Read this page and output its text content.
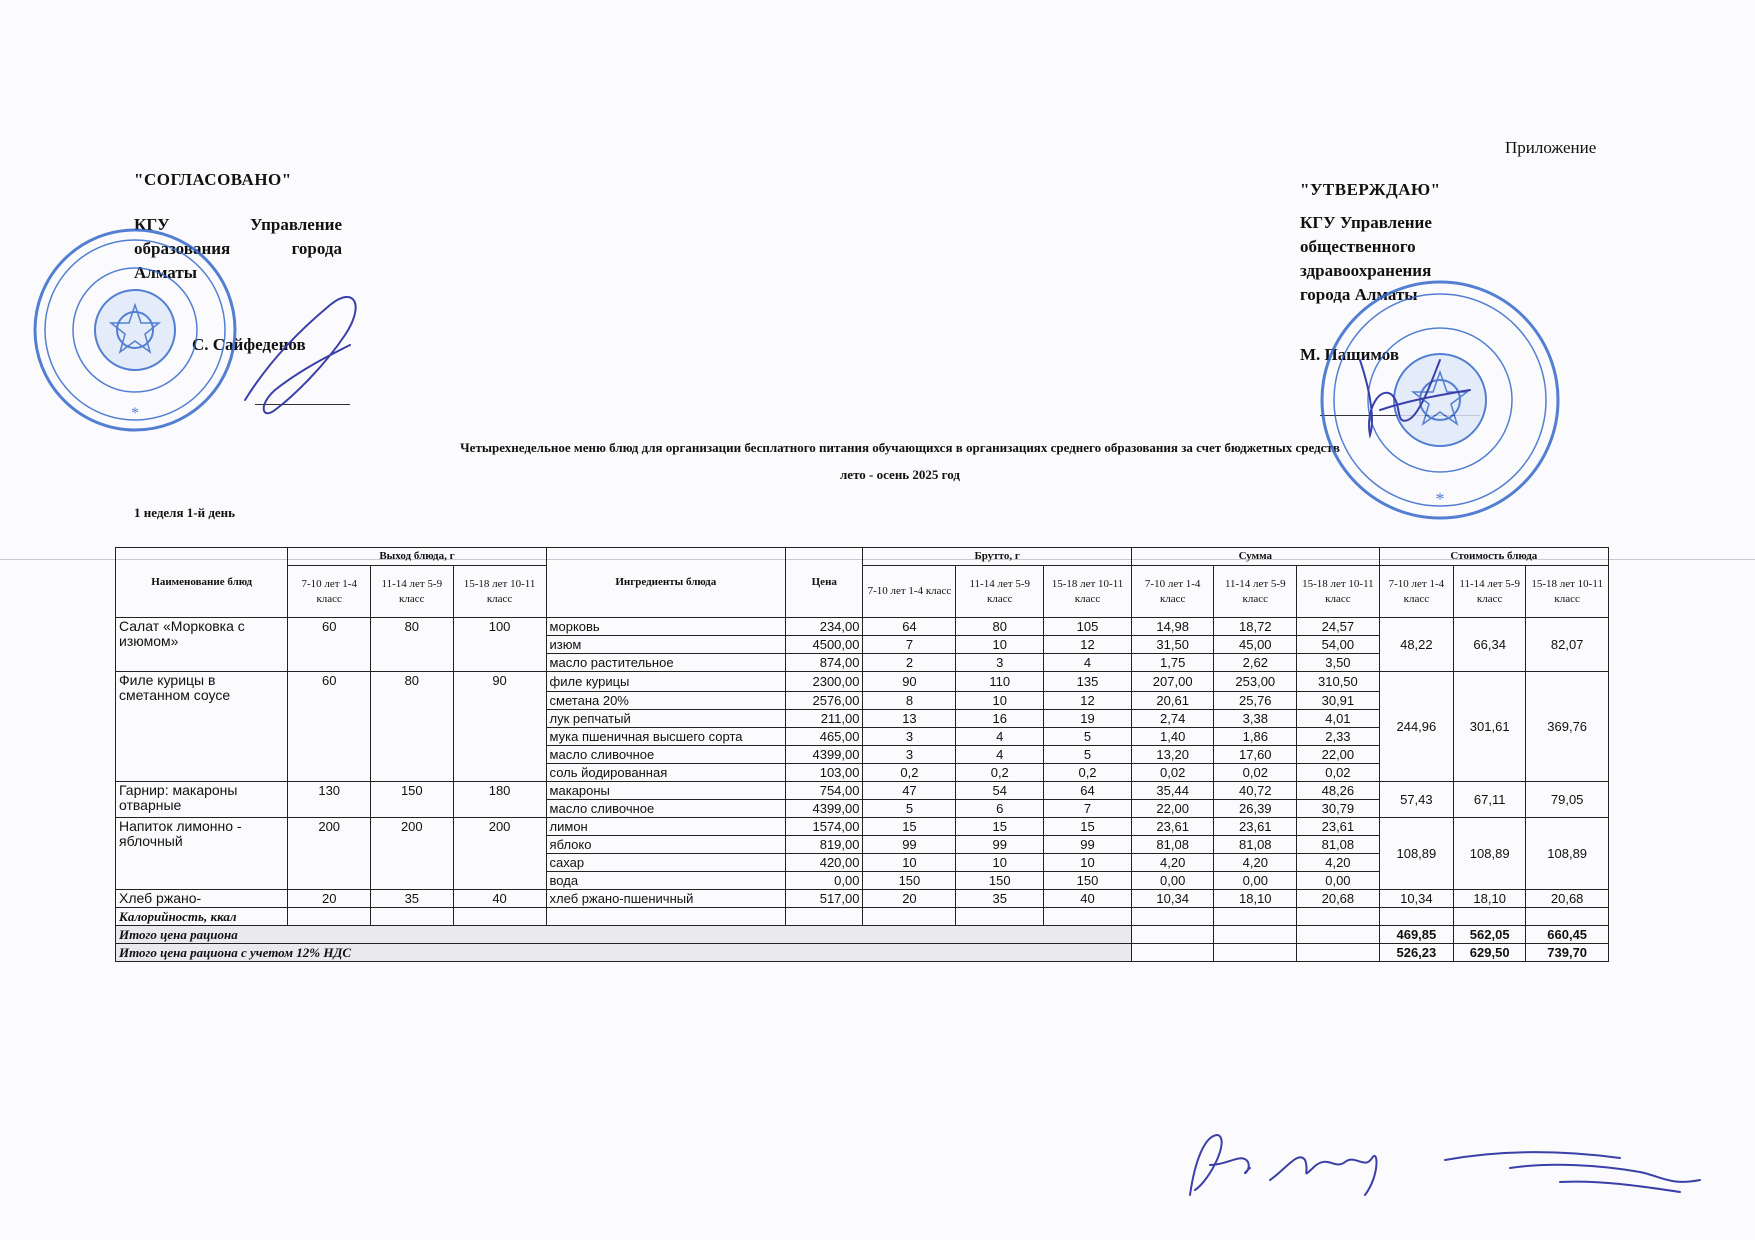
Приложение
"СОГЛАСОВАНО"
"УТВЕРЖДАЮ"
КГУ	Управление
образования	города
Алматы
КГУ Управление
общественного
здравоохранения
города Алматы
С. Сайфеденов
М. Пашимов
Четырехнедельное меню блюд для организации бесплатного питания обучающихся в организациях среднего образования за счет бюджетных средств
лето - осень 2025 год
1 неделя 1-й день
*
*
Наименование блюд	Выход блюда, г			Ингредиенты блюда	Цена	Брутто, г			Сумма			Стоимость блюда		
	7-10 лет 1-4 класс	11-14 лет 5-9 класс	15-18 лет 10-11 класс			7-10 лет 1-4 класс	11-14 лет 5-9 класс	15-18 лет 10-11 класс	7-10 лет 1-4 класс	11-14 лет 5-9 класс	15-18 лет 10-11 класс	7-10 лет 1-4 класс	11-14 лет 5-9 класс	15-18 лет 10-11 класс
Салат «Морковка с изюмом»	60	80	100	морковь	234,00	64	80	105	14,98	18,72	24,57	48,22	66,34	82,07
				изюм	4500,00	7	10	12	31,50	45,00	54,00			
				масло растительное	874,00	2	3	4	1,75	2,62	3,50			
Филе курицы в сметанном соусе	60	80	90	филе курицы	2300,00	90	110	135	207,00	253,00	310,50	244,96	301,61	369,76
				сметана 20%	2576,00	8	10	12	20,61	25,76	30,91			
				лук репчатый	211,00	13	16	19	2,74	3,38	4,01			
				мука пшеничная высшего сорта	465,00	3	4	5	1,40	1,86	2,33			
				масло сливочное	4399,00	3	4	5	13,20	17,60	22,00			
				соль йодированная	103,00	0,2	0,2	0,2	0,02	0,02	0,02			
Гарнир: макароны отварные	130	150	180	макароны	754,00	47	54	64	35,44	40,72	48,26	57,43	67,11	79,05
				масло сливочное	4399,00	5	6	7	22,00	26,39	30,79			
Напиток лимонно - яблочный	200	200	200	лимон	1574,00	15	15	15	23,61	23,61	23,61	108,89	108,89	108,89
				яблоко	819,00	99	99	99	81,08	81,08	81,08			
				сахар	420,00	10	10	10	4,20	4,20	4,20			
				вода	0,00	150	150	150	0,00	0,00	0,00			
Хлеб ржано-	20	35	40	хлеб ржано-пшеничный	517,00	20	35	40	10,34	18,10	20,68	10,34	18,10	20,68
Калорийность, ккал														
Итого цена рациона												469,85	562,05	660,45
Итого цена рациона с учетом 12% НДС												526,23	629,50	739,70
